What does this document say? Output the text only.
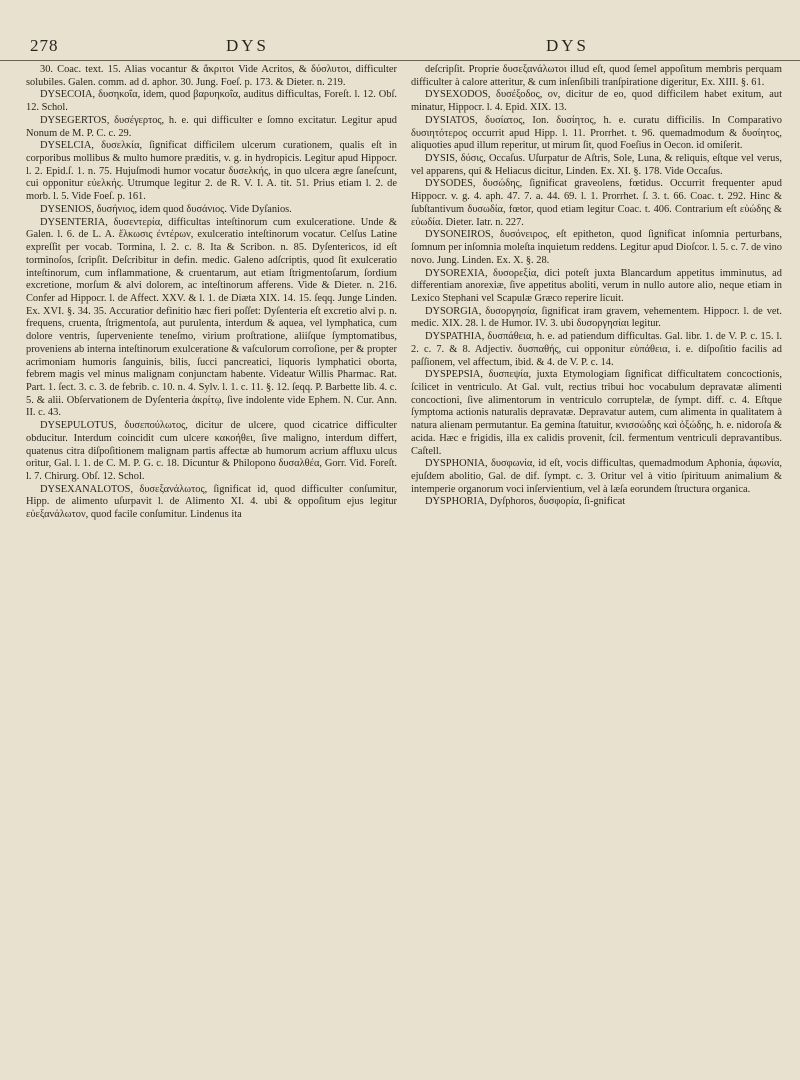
278	DYS	DYS

30. Coac. text. 15. Alias vocantur & ἄκριτοι Vide Acritos, & δύσλυτοι, difficulter solubiles. Galen. comm. ad d. aphor. 30. Jung. Foeſ. p. 173. & Dieter. n. 219.

DYSECOIA, δυσηκοΐα, idem, quod βαρυηκοΐα, auditus difficultas, Foreſt. l. 12. Obſ. 12. Schol.

DYSEGERTOS, δυσέγερτος, h. e. qui difficulter e ſomno excitatur. Legitur apud Nonum de M. P. C. c. 29.

DYSELCIA, δυσελκία, ſignificat difficilem ulcerum curationem, qualis eſt in corporibus mollibus & multo humore præditis, v. g. in hydropicis. Legitur apud Hippocr. l. 2. Epid.ſ. 1. n. 75. Hujuſmodi humor vocatur δυσελκής, in quo ulcera ægre ſaneſcunt, cui opponitur εὐελκής. Utrumque legitur 2. de R. V. I. A. tit. 51. Prius etiam l. 2. de morb. l. 5. Vide Foeſ. p. 161.

DYSENIOS, δυσήνιος, idem quod δυσάνιος. Vide Dyſanios.

DYSENTERIA, δυσεντερία, difficultas inteſtinorum cum exulceratione. Unde & Galen. l. 6. de L. A. ἕλκωσις ἐντέρων, exulceratio inteſtinorum vocatur. Celſus Latine expreſſit per vocab. Tormina, l. 2. c. 8. Ita & Scribon. n. 85. Dyſentericos, id eſt torminoſos, ſcripſit. Deſcribitur in defin. medic. Galeno adſcriptis, quod ſit exulceratio inteſtinorum, cum inflammatione, & cruentarum, aut etiam ſtrigmentoſarum, ſordium excretione, morſum & alvi dolorem, ac inteſtinorum afferens. Vide & Dieter. n. 216. Confer ad Hippocr. l. de Affect. XXV. & l. 1. de Diæta XIX. 14. 15. ſeqq. Junge Linden. Ex. XVI. §. 34. 35. Accuratior definitio hæc fieri poſſet: Dyſenteria eſt excretio alvi p. n. frequens, cruenta, ſtrigmentoſa, aut purulenta, interdum & aquea, vel lymphatica, cum dolore ventris, ſuperveniente teneſmo, virium proſtratione, aliiſque ſymptomatibus, proveniens ab interna inteſtinorum exulceratione & vaſculorum corroſione, per & propter acrimoniam humoris ſanguinis, bilis, ſucci pancreatici, liquoris lymphatici oborta, febrem magis vel minus malignam conjunctam habente. Videatur Willis Pharmac. Rat. Part. 1. ſect. 3. c. 3. de febrib. c. 10. n. 4. Sylv. l. 1. c. 11. §. 12. ſeqq. P. Barbette lib. 4. c. 5. & alii. Obſervationem de Dyſenteria ἀκρίτῳ, ſive indolente vide Ephem. N. Cur. Ann. II. c. 43.

DYSEPULOTUS, δυσεπούλωτος, dicitur de ulcere, quod cicatrice difficulter obducitur. Interdum coincidit cum ulcere κακοήθει, ſive maligno, interdum differt, quatenus citra diſpoſitionem malignam partis affectæ ab humorum acrium affluxu ulcus oritur, Gal. l. 1. de C. M. P. G. c. 18. Dicuntur & Philopono δυσαλθέα, Gorr. Vid. Foreſt. l. 7. Chirurg. Obſ. 12. Schol.

DYSEXANALOTOS, δυσεξανάλωτος, ſignificat id, quod difficulter conſumitur, Hipp. de alimento uſurpavit l. de Alimento XI. 4. ubi & oppoſitum ejus legitur εὐεξανάλωτον, quod facile conſumitur. Lindenus ita

deſcripſit. Proprie δυσεξανάλωτοι illud eſt, quod ſemel appoſitum membris perquam difficulter à calore atteritur, & cum inſenſibili tranſpiratione digeritur, Ex. XIII. §. 61.

DYSEXODOS, δυσέξοδος, ον, dicitur de eo, quod difficilem habet exitum, aut minatur, Hippocr. l. 4. Epid. XIX. 13.

DYSIATOS, δυσίατος, Ion. δυσίητος, h. e. curatu difficilis. In Comparativo δυσιητότερος occurrit apud Hipp. l. 11. Prorrhet. t. 96. quemadmodum & δυσίητος, aliquoties apud illum reperitur, ut mirum ſit, quod Foeſius in Oecon. id omiſerit.

DYSIS, δύσις, Occaſus. Uſurpatur de Aſtris, Sole, Luna, & reliquis, eſtque vel verus, vel apparens, qui & Heliacus dicitur, Linden. Ex. XI. §. 178. Vide Occaſus.

DYSODES, δυσώδης, ſignificat graveolens, fœtidus. Occurrit frequenter apud Hippocr. v. g. 4. aph. 47. 7. a. 44. 69. l. 1. Prorrhet. ſ. 3. t. 66. Coac. t. 292. Hinc & ſubſtantivum δυσωδία, fœtor, quod etiam legitur Coac. t. 406. Contrarium eſt εὐώδης & εὐωδία. Dieter. Iatr. n. 227.

DYSONEIROS, δυσόνειρος, eſt epitheton, quod ſignificat inſomnia perturbans, ſomnum per inſomnia moleſta inquietum reddens. Legitur apud Dioſcor. l. 5. c. 7. de vino novo. Jung. Linden. Ex. X. §. 28.

DYSOREXIA, δυσορεξία, dici poteſt juxta Blancardum appetitus imminutus, ad differentiam anorexiæ, ſive appetitus aboliti, verum in nullo autore alio, neque etiam in Lexico Stephani vel Scapulæ Græco reperire licuit.

DYSORGIA, δυσοργησία, ſignificat iram gravem, vehementem. Hippocr. l. de vet. medic. XIX. 28. l. de Humor. IV. 3. ubi δυσοργησίαι legitur.

DYSPATHIA, δυσπάθεια, h. e. ad patiendum difficultas. Gal. libr. 1. de V. P. c. 15. l. 2. c. 7. & 8. Adjectiv. δυσπαθής, cui opponitur εὐπάθεια, i. e. diſpoſitio facilis ad paſſionem, vel affectum, ibid. & 4. de V. P. c. 14.

DYSPEPSIA, δυσπεψία, juxta Etymologiam ſignificat difficultatem concoctionis, ſcilicet in ventriculo. At Gal. vult, rectius tribui hoc vocabulum depravatæ alimenti concoctioni, ſive alimentorum in ventriculo corruptelæ, de ſympt. diff. c. 4. Eſtque ſymptoma actionis naturalis depravatæ. Depravatur autem, cum alimenta in qualitatem à natura alienam permutantur. Ea gemina ſtatuitur, κνισσώδης καὶ ὀξώδης, h. e. nidoroſa & acida. Hæc e frigidis, illa ex calidis provenit, ſcil. fermentum ventriculi depravantibus. Caſtell.

DYSPHONIA, δυσφωνία, id eſt, vocis difficultas, quemadmodum Aphonia, ἀφωνία, ejuſdem abolitio, Gal. de dif. ſympt. c. 3. Oritur vel à vitio ſpirituum animalium & intemperie organorum voci inſervientium, vel à læſa eorundem ſtructura organica.

DYSPHORIA, Dyſphoros, δυσφορία, ſi-gnificat
